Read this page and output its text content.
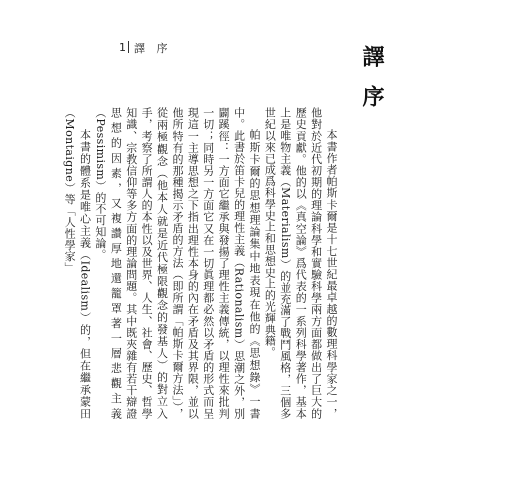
1 譯 序	譯序

本書作者帕斯卡爾是十七世紀最卓越的數理科學家之一，他對於近代初期的理論科學和實驗科學兩方面都做出了巨大的歷史貢獻。他的以《真空論》爲代表的一系列科學著作，基本上是唯物主義（Materialism）的並充滿了戰鬥風格，三個多世紀以來已成爲科學史上和思想史上的光輝典籍。

帕斯卡爾的思想理論集中地表現在他的《思想錄》一書中。此書於笛卡兒的理性主義（Rationalism）思潮之外，別闢蹊徑：一方面它繼承與發揚了理性主義傳統，以理性來批判一切；同時另一方面它又在一切眞理都必然以矛盾的形式而呈現這一主導思想之下指出理性本身的內在矛盾及其界限，並以他所特有的那種揭示矛盾的方法（即所謂「帕斯卡爾方法」），從兩極觀念（他本人就是近代極限觀念的發基人）的對立入手，考察了所謂人的本性以及世界、人生、社會、歷史、哲學知識、宗教信仰等多方面的理論問題。其中既夾雜有若干辯證思想的因素，又複讚厚地還籠罩著一層悲觀主義（Pessimism）的不可知論。

本書的體系是唯心主義（Idealism）的，但在繼承蒙田（Montaigne）等「人性學家」
